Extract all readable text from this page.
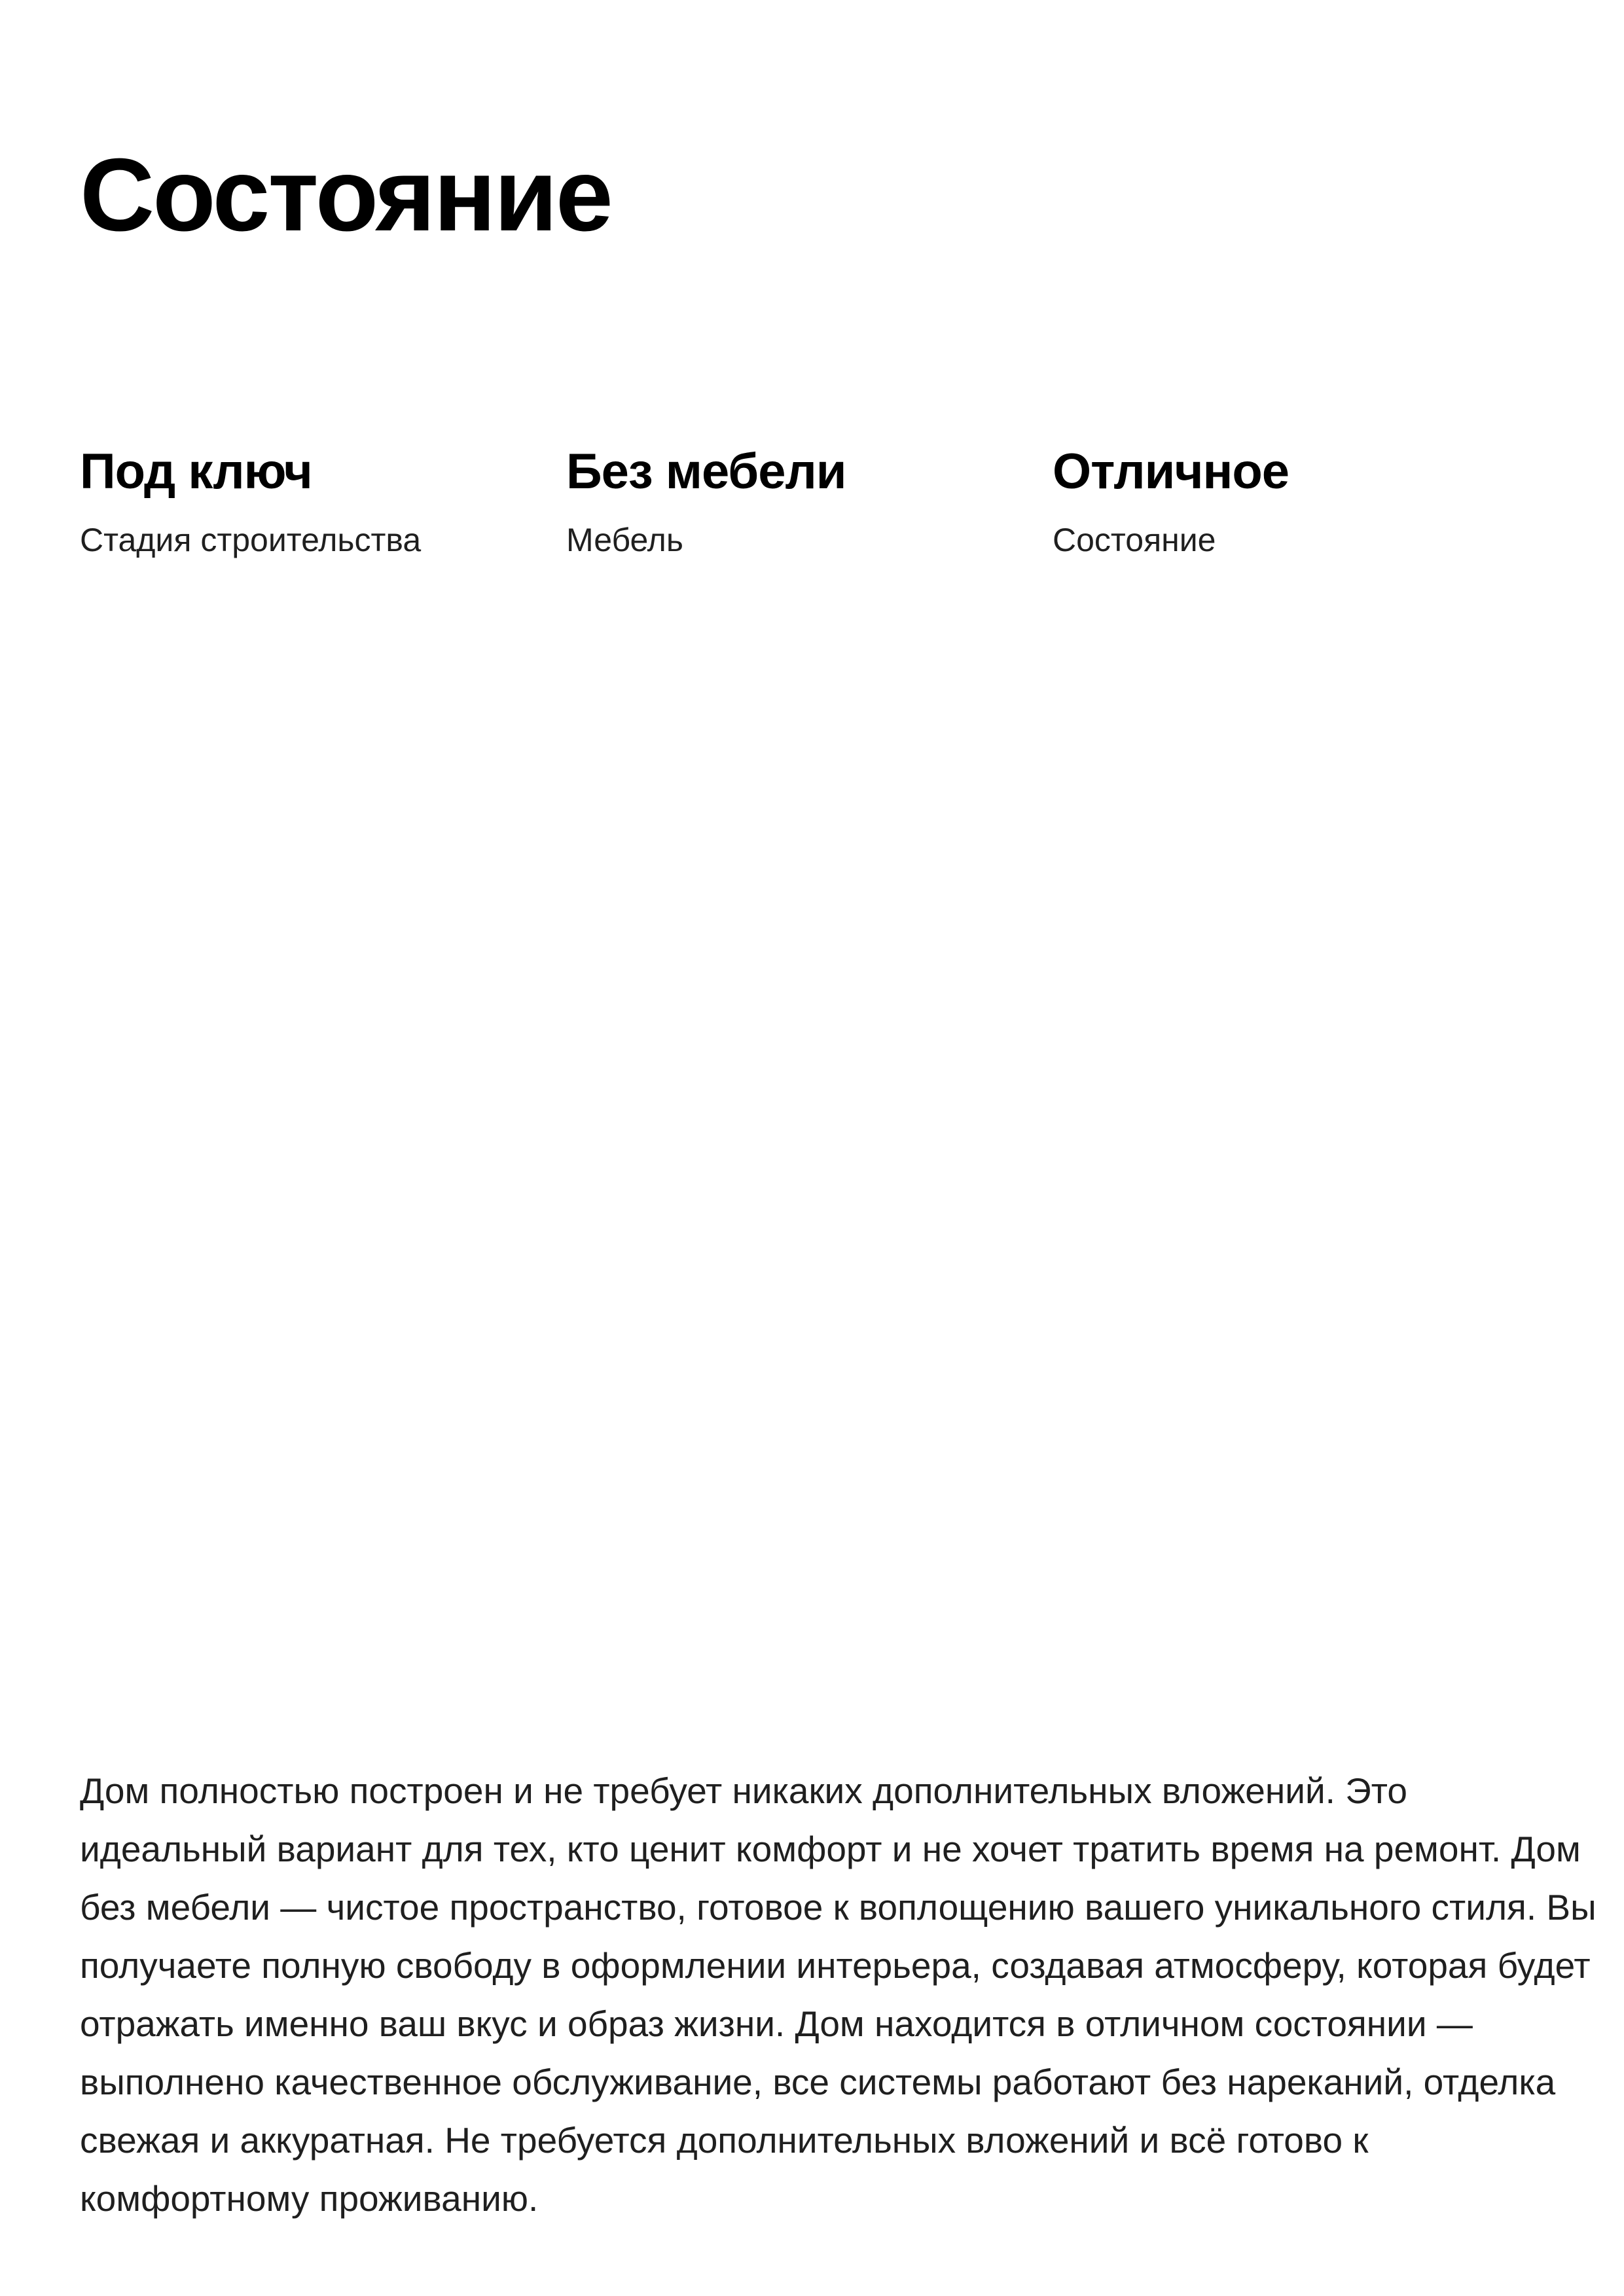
Состояние
Под ключ
Стадия строительства
Без мебели
Мебель
Отличное
Состояние
Дом полностью построен и не требует никаких дополнительных вложений. Это
идеальный вариант для тех, кто ценит комфорт и не хочет тратить время на ремонт. Дом
без мебели — чистое пространство, готовое к воплощению вашего уникального стиля. Вы
получаете полную свободу в оформлении интерьера, создавая атмосферу, которая будет
отражать именно ваш вкус и образ жизни. Дом находится в отличном состоянии —
выполнено качественное обслуживание, все системы работают без нареканий, отделка
свежая и аккуратная. Не требуется дополнительных вложений и всё готово к
комфортному проживанию.
